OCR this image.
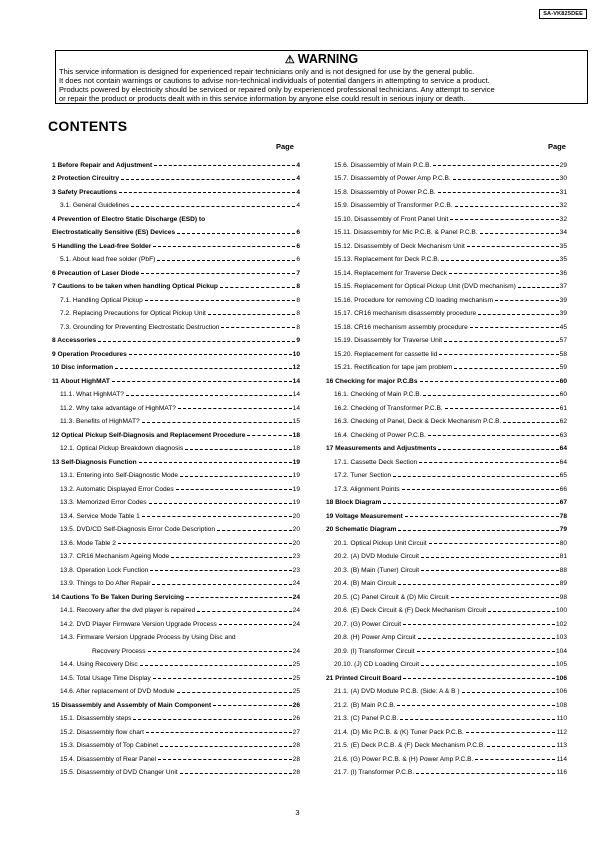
SA-VK825DEE
⚠ WARNING
This service information is designed for experienced repair technicians only and is not designed for use by the general public.
It does not contain warnings or cautions to advise non-technical individuals of potential dangers in attempting to service a product.
Products powered by electricity should be serviced or repaired only by experienced professional technicians. Any attempt to service
or repair the product or products dealt with in this service information by anyone else could result in serious injury or death.
CONTENTS
Page	Page
1 Before Repair and Adjustment	4
2 Protection Circuitry	4
3 Safety Precautions	4
3.1. General Guidelines	4
4 Prevention of Electro Static Discharge (ESD) to
Electrostatically Sensitive (ES) Devices	6
5 Handling the Lead-free Solder	6
5.1. About lead free solder (PbF)	6
6 Precaution of Laser Diode	7
7 Cautions to be taken when handling Optical Pickup	8
7.1. Handling Optical Pickup	8
7.2. Replacing Precautions for Optical Pickup Unit	8
7.3. Grounding for Preventing Electrostatic Destruction	8
8 Accessories	9
9 Operation Procedures	10
10 Disc information	12
11 About HighMAT	14
11.1. What HighMAT?	14
11.2. Why take advantage of HighMAT?	14
11.3. Benefits of HighMAT?	15
12 Optical Pickup Self-Diagnosis and Replacement Procedure	18
12.1. Optical Pickup Breakdown diagnosis	18
13 Self-Diagnosis Function	19
13.1. Entering into Self-Diagnostic Mode	19
13.2. Automatic Displayed Error Codes	19
13.3. Memorized Error Codes	19
13.4. Service Mode Table 1	20
13.5. DVD/CD Self-Diagnosis Error Code Description	20
13.6. Mode Table 2	20
13.7. CR16 Mechanism Ageing Mode	23
13.8. Operation Lock Function	23
13.9. Things to Do After Repair	24
14 Cautions To Be Taken During Servicing	24
14.1. Recovery after the dvd player is repaired	24
14.2. DVD Player Firmware Version Upgrade Process	24
14.3. Firmware Version Upgrade Process by Using Disc and
Recovery Process	24
14.4. Using Recovery Disc	25
14.5. Total Usage Time Display	25
14.6. After replacement of DVD Module	25
15 Disassembly and Assembly of Main Component	26
15.1. Disassembly steps	26
15.2. Disassembly flow chart	27
15.3. Disassembly of Top Cabinet	28
15.4. Disassembly of Rear Panel	28
15.5. Disassembly of DVD Changer Unit	28
15.6. Disassembly of Main P.C.B.	29
15.7. Disassembly of Power Amp P.C.B.	30
15.8. Disassembly of Power P.C.B.	31
15.9. Disassembly of Transformer P.C.B.	32
15.10. Disassembly of Front Panel Unit	32
15.11. Disassembly for Mic P.C.B. & Panel P.C.B.	34
15.12. Disassembly of Deck Mechanism Unit	35
15.13. Replacement for Deck P.C.B.	35
15.14. Replacement for Traverse Deck	36
15.15. Replacement for Optical Pickup Unit (DVD mechanism)	37
15.16. Procedure for removing CD loading mechanism	39
15.17. CR16 mechanism disassembly procedure	39
15.18. CR16 mechanism assembly procedure	45
15.19. Disassembly for Traverse Unit	57
15.20. Replacement for cassette lid	58
15.21. Rectification for tape jam problem	59
16 Checking for major P.C.Bs	60
16.1. Checking of Main P.C.B.	60
16.2. Checking of Transformer P.C.B.	61
16.3. Checking of Panel, Deck & Deck Mechanism P.C.B.	62
16.4. Checking of Power P.C.B.	63
17 Measurements and Adjustments	64
17.1. Cassette Deck Section	64
17.2. Tuner Section	65
17.3. Alignment Points	66
18 Block Diagram	67
19 Voltage Measurement	78
20 Schematic Diagram	79
20.1. Optical Pickup Unit Circuit	80
20.2. (A) DVD Module Circuit	81
20.3. (B) Main (Tuner) Circuit	88
20.4. (B) Main Circuit	89
20.5. (C) Panel Circuit & (D) Mic Circuit	98
20.6. (E) Deck Circuit & (F) Deck Mechanism Circuit	100
20.7. (G) Power Circuit	102
20.8. (H) Power Amp Circuit	103
20.9. (I) Transformer Circuit	104
20.10. (J) CD Loading Circuit	105
21 Printed Circuit Board	106
21.1. (A) DVD Module P.C.B. (Side: A & B )	106
21.2. (B) Main P.C.B.	108
21.3. (C) Panel P.C.B.	110
21.4. (D) Mic P.C.B. & (K) Tuner Pack P.C.B.	112
21.5. (E) Deck P.C.B. & (F) Deck Mechanism P.C.B.	113
21.6. (G) Power P.C.B. & (H) Power Amp P.C.B.	114
21.7. (I) Transformer P.C.B.	116
3
